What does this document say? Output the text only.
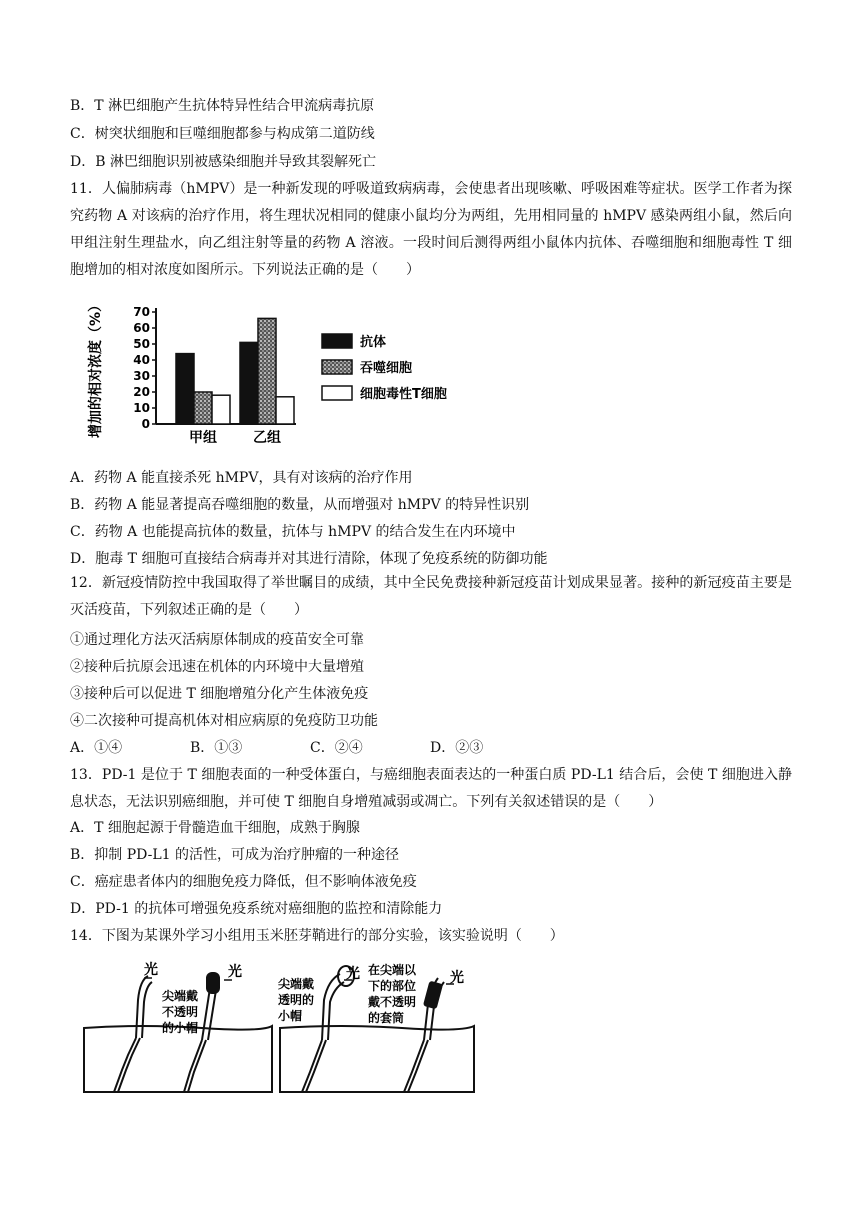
B．T 淋巴细胞产生抗体特异性结合甲流病毒抗原
C．树突状细胞和巨噬细胞都参与构成第二道防线
D．B 淋巴细胞识别被感染细胞并导致其裂解死亡
11．人偏肺病毒（hMPV）是一种新发现的呼吸道致病病毒，会使患者出现咳嗽、呼吸困难等症状。医学工作者为探究药物 A 对该病的治疗作用，将生理状况相同的健康小鼠均分为两组，先用相同量的 hMPV 感染两组小鼠，然后向甲组注射生理盐水，向乙组注射等量的药物 A 溶液。一段时间后测得两组小鼠体内抗体、吞噬细胞和细胞毒性 T 细胞增加的相对浓度如图所示。下列说法正确的是（　　）
增加的相对浓度（%）	0
10
20
30
40
50
60
70
甲组	乙组
抗体
吞噬细胞
细胞毒性T细胞
A．药物 A 能直接杀死 hMPV，具有对该病的治疗作用
B．药物 A 能显著提高吞噬细胞的数量，从而增强对 hMPV 的特异性识别
C．药物 A 也能提高抗体的数量，抗体与 hMPV 的结合发生在内环境中
D．胞毒 T 细胞可直接结合病毒并对其进行清除，体现了免疫系统的防御功能
12．新冠疫情防控中我国取得了举世瞩目的成绩，其中全民免费接种新冠疫苗计划成果显著。接种的新冠疫苗主要是灭活疫苗，下列叙述正确的是（　　）
①通过理化方法灭活病原体制成的疫苗安全可靠
②接种后抗原会迅速在机体的内环境中大量增殖
③接种后可以促进 T 细胞增殖分化产生体液免疫
④二次接种可提高机体对相应病原的免疫防卫功能
A．①④	B．①③	C．②④	D．②③
13．PD-1 是位于 T 细胞表面的一种受体蛋白，与癌细胞表面表达的一种蛋白质 PD-L1 结合后，会使 T 细胞进入静息状态，无法识别癌细胞，并可使 T 细胞自身增殖减弱或凋亡。下列有关叙述错误的是（　　）
A．T 细胞起源于骨髓造血干细胞，成熟于胸腺
B．抑制 PD-L1 的活性，可成为治疗肿瘤的一种途径
C．癌症患者体内的细胞免疫力降低，但不影响体液免疫
D．PD-1 的抗体可增强免疫系统对癌细胞的监控和清除能力
14．下图为某课外学习小组用玉米胚芽鞘进行的部分实验，该实验说明（　　）
光	光	光	光
尖端戴
不透明
的小帽
尖端戴
透明的
小帽
在尖端以
下的部位
戴不透明
的套筒
